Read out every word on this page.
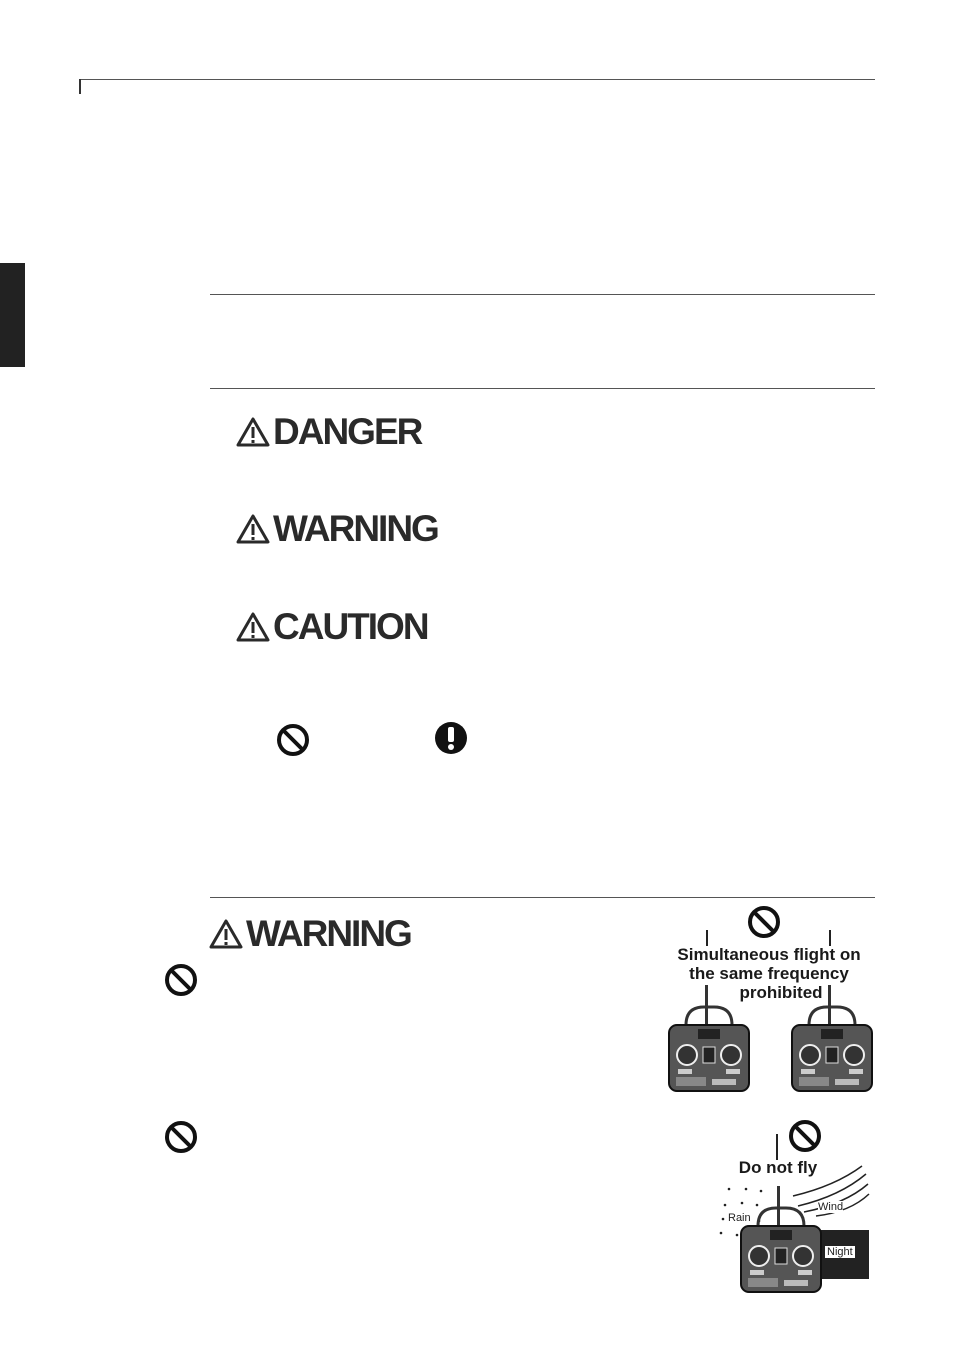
DANGER
WARNING
CAUTION
WARNING
Simultaneous flight on
the same frequency
prohibited
Do not fly
Rain
Wind
Night
